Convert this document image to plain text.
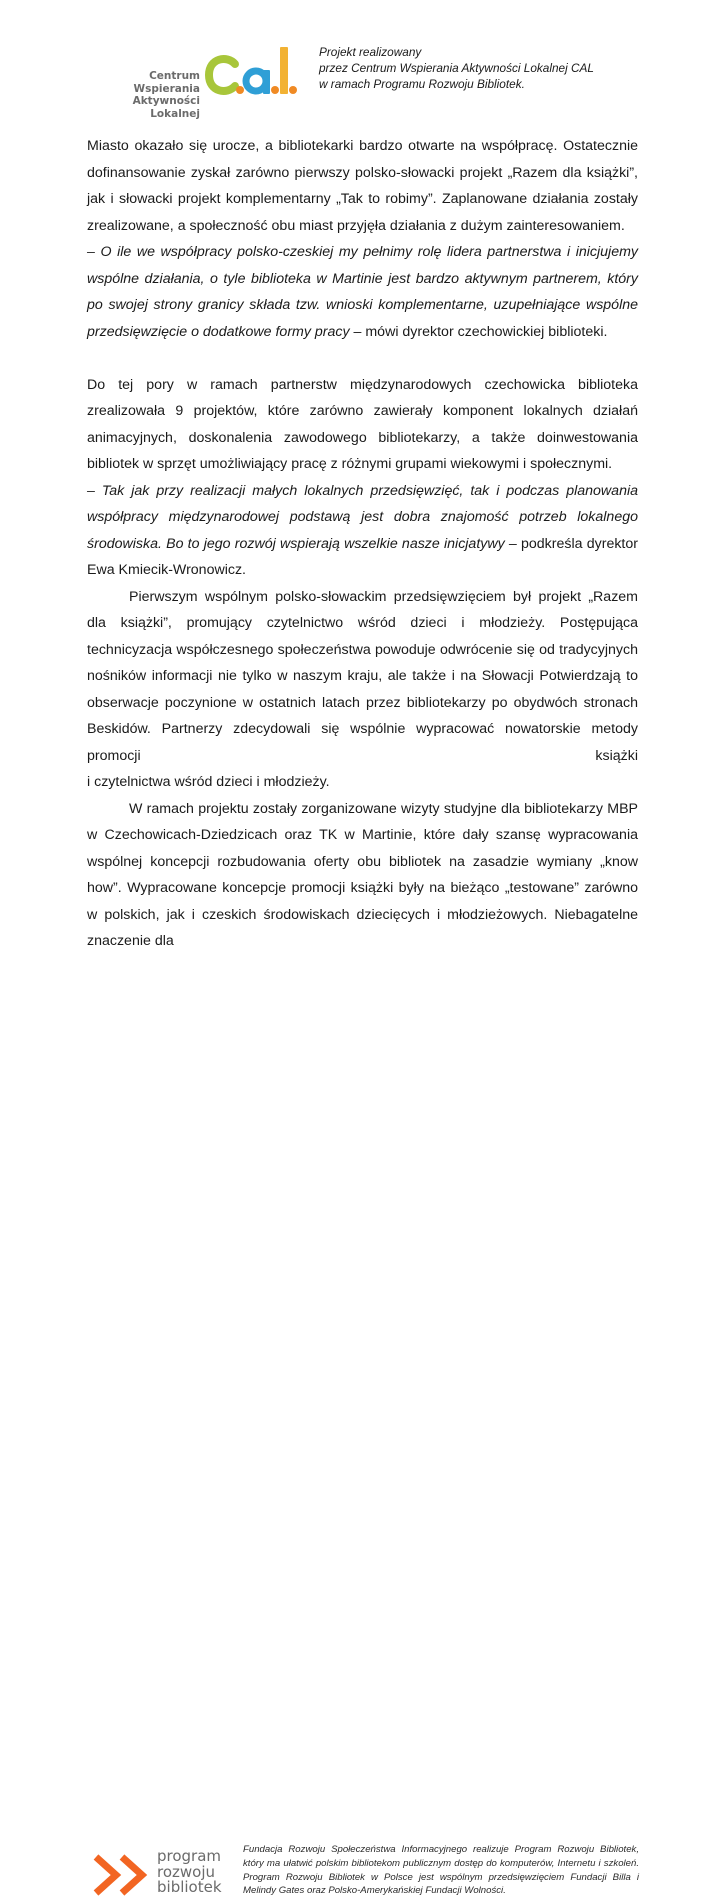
Centrum Wspierania
Aktywności Lokalnej
Projekt realizowany
przez Centrum Wspierania Aktywności Lokalnej CAL
w ramach Programu Rozwoju Bibliotek.

Miasto okazało się urocze, a bibliotekarki bardzo otwarte na współpracę. Ostatecznie dofinansowanie zyskał zarówno pierwszy polsko-słowacki projekt „Razem dla książki”, jak i słowacki projekt komplementarny „Tak to robimy”. Zaplanowane działania zostały zrealizowane, a społeczność obu miast przyjęła działania z dużym zainteresowaniem.

– O ile we współpracy polsko-czeskiej my pełnimy rolę lidera partnerstwa i inicjujemy wspólne działania, o tyle biblioteka w Martinie jest bardzo aktywnym partnerem, który po swojej strony granicy składa tzw. wnioski komplementarne, uzupełniające wspólne przedsięwzięcie o dodatkowe formy pracy – mówi dyrektor czechowickiej biblioteki.

Do tej pory w ramach partnerstw międzynarodowych czechowicka biblioteka zrealizowała 9 projektów, które zarówno zawierały komponent lokalnych działań animacyjnych, doskonalenia zawodowego bibliotekarzy, a także doinwestowania bibliotek w sprzęt umożliwiający pracę z różnymi grupami wiekowymi i społecznymi.

– Tak jak przy realizacji małych lokalnych przedsięwzięć, tak i podczas planowania współpracy międzynarodowej podstawą jest dobra znajomość potrzeb lokalnego środowiska. Bo to jego rozwój wspierają wszelkie nasze inicjatywy – podkreśla dyrektor Ewa Kmiecik-Wronowicz.

Pierwszym wspólnym polsko-słowackim przedsięwzięciem był projekt „Razem dla książki”, promujący czytelnictwo wśród dzieci i młodzieży. Postępująca technicyzacja współczesnego społeczeństwa powoduje odwrócenie się od tradycyjnych nośników informacji nie tylko w naszym kraju, ale także i na Słowacji Potwierdzają to obserwacje poczynione w ostatnich latach przez bibliotekarzy po obydwóch stronach Beskidów. Partnerzy zdecydowali się wspólnie wypracować nowatorskie metody promocji książki

i czytelnictwa wśród dzieci i młodzieży.

W ramach projektu zostały zorganizowane wizyty studyjne dla bibliotekarzy MBP w Czechowicach-Dziedzicach oraz TK w Martinie, które dały szansę wypracowania wspólnej koncepcji rozbudowania oferty obu bibliotek na zasadzie wymiany „know how”. Wypracowane koncepcje promocji książki były na bieżąco „testowane” zarówno w polskich, jak i czeskich środowiskach dziecięcych i młodzieżowych. Niebagatelne znaczenie dla

program
rozwoju
bibliotek
Fundacja Rozwoju Społeczeństwa Informacyjnego realizuje Program Rozwoju Bibliotek, który ma ułatwić polskim bibliotekom publicznym dostęp do komputerów, Internetu i szkoleń. Program Rozwoju Bibliotek w Polsce jest wspólnym przedsięwzięciem Fundacji Billa i Melindy Gates oraz Polsko-Amerykańskiej Fundacji Wolności.
